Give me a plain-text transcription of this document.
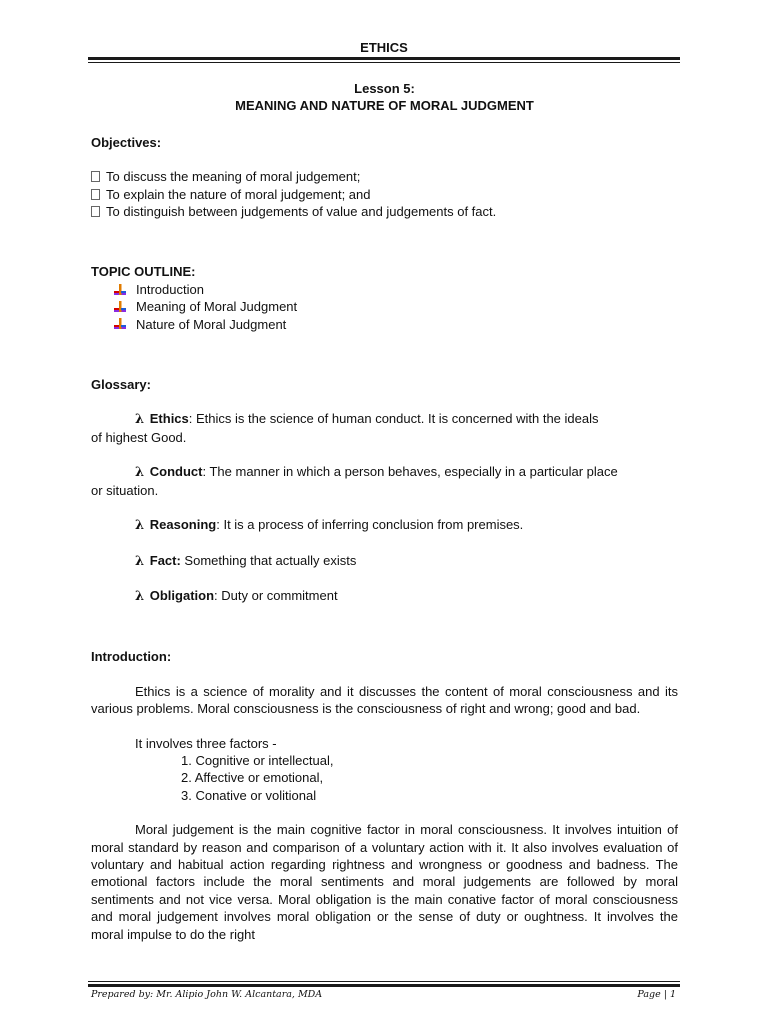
ETHICS

Lesson 5:

MEANING AND NATURE OF MORAL JUDGMENT

Objectives:

To discuss the meaning of moral judgement;
To explain the nature of moral judgement; and
To distinguish between judgements of value and judgements of fact.

TOPIC OUTLINE:

Introduction
Meaning of Moral Judgment
Nature of Moral Judgment

Glossary:

λ Ethics: Ethics is the science of human conduct. It is concerned with the ideals

of highest Good.

λ Conduct: The manner in which a person behaves, especially in a particular place

or situation.

λ Reasoning: It is a process of inferring conclusion from premises.

λ Fact: Something that actually exists

λ Obligation: Duty or commitment

Introduction:

Ethics is a science of morality and it discusses the content of moral consciousness and its various problems. Moral consciousness is the consciousness of right and wrong; good and bad.

It involves three factors -

1. Cognitive or intellectual,

2. Affective or emotional,

3. Conative or volitional

Moral judgement is the main cognitive factor in moral consciousness. It involves intuition of moral standard by reason and comparison of a voluntary action with it. It also involves evaluation of voluntary and habitual action regarding rightness and wrongness or goodness and badness. The emotional factors include the moral sentiments and moral judgements are followed by moral sentiments and not vice versa. Moral obligation is the main conative factor of moral consciousness and moral judgement involves moral obligation or the sense of duty or oughtness. It involves the moral impulse to do the right

Prepared by: Mr. Alipio John W. Alcantara, MDA	Page | 1
